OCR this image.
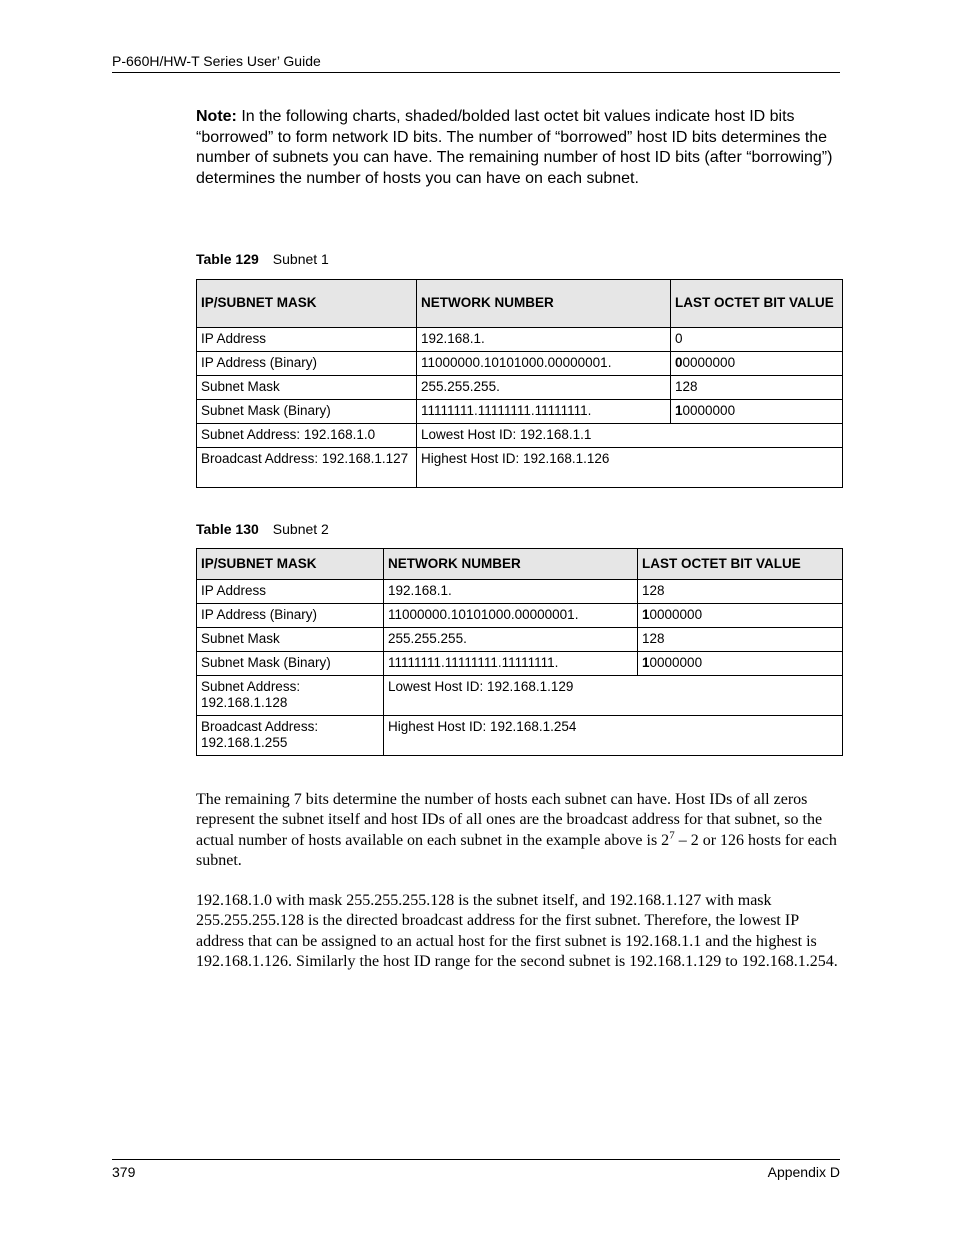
P-660H/HW-T Series User’ Guide
Note: In the following charts, shaded/bolded last octet bit values indicate host ID bits “borrowed” to form network ID bits. The number of “borrowed” host ID bits determines the number of subnets you can have. The remaining number of host ID bits (after “borrowing”) determines the number of hosts you can have on each subnet.
Table 129 Subnet 1
IP/SUBNET MASK	NETWORK NUMBER	LAST OCTET BIT VALUE
IP Address	192.168.1.	0
IP Address (Binary)	11000000.10101000.00000001.	00000000
Subnet Mask	255.255.255.	128
Subnet Mask (Binary)	11111111.11111111.11111111.	10000000
Subnet Address: 192.168.1.0	Lowest Host ID: 192.168.1.1	
Broadcast Address: 192.168.1.127	Highest Host ID: 192.168.1.126	
Table 130 Subnet 2
IP/SUBNET MASK	NETWORK NUMBER	LAST OCTET BIT VALUE
IP Address	192.168.1.	128
IP Address (Binary)	11000000.10101000.00000001.	10000000
Subnet Mask	255.255.255.	128
Subnet Mask (Binary)	11111111.11111111.11111111.	10000000
Subnet Address: 192.168.1.128	Lowest Host ID: 192.168.1.129	
Broadcast Address: 192.168.1.255	Highest Host ID: 192.168.1.254	
The remaining 7 bits determine the number of hosts each subnet can have. Host IDs of all zeros represent the subnet itself and host IDs of all ones are the broadcast address for that subnet, so the actual number of hosts available on each subnet in the example above is $2^7 - 2$ or 126 hosts for each subnet.
192.168.1.0 with mask 255.255.255.128 is the subnet itself, and 192.168.1.127 with mask 255.255.255.128 is the directed broadcast address for the first subnet. Therefore, the lowest IP address that can be assigned to an actual host for the first subnet is 192.168.1.1 and the highest is 192.168.1.126. Similarly the host ID range for the second subnet is 192.168.1.129 to 192.168.1.254.
379	Appendix D
